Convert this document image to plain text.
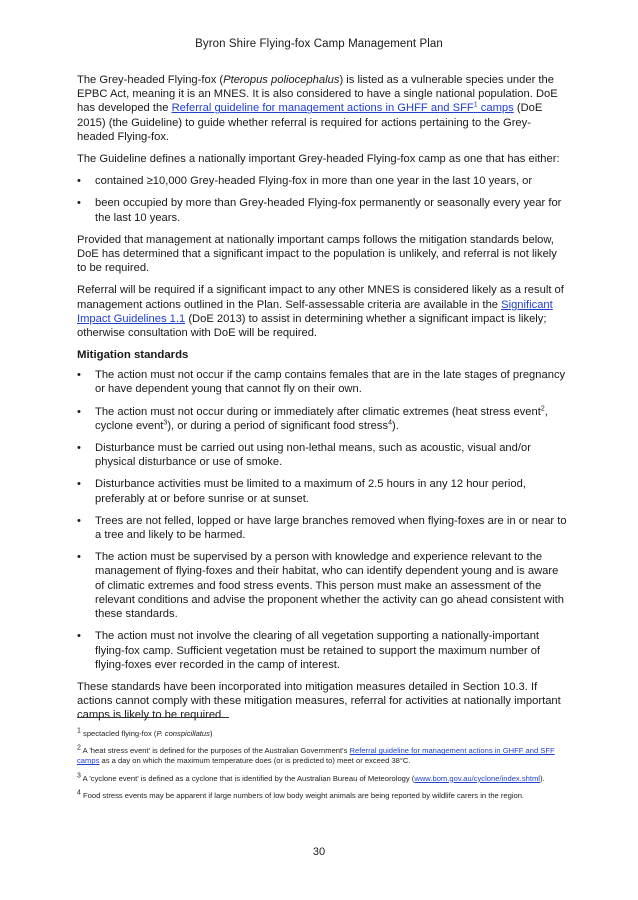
Byron Shire Flying-fox Camp Management Plan

The Grey-headed Flying-fox (Pteropus poliocephalus) is listed as a vulnerable species under the EPBC Act, meaning it is an MNES. It is also considered to have a single national population. DoE has developed the Referral guideline for management actions in GHFF and SFF$^1$ camps (DoE 2015) (the Guideline) to guide whether referral is required for actions pertaining to the Grey-headed Flying-fox.

The Guideline defines a nationally important Grey-headed Flying-fox camp as one that has either:

• contained ≥10,000 Grey-headed Flying-fox in more than one year in the last 10 years, or
• been occupied by more than Grey-headed Flying-fox permanently or seasonally every year for the last 10 years.

Provided that management at nationally important camps follows the mitigation standards below, DoE has determined that a significant impact to the population is unlikely, and referral is not likely to be required.

Referral will be required if a significant impact to any other MNES is considered likely as a result of management actions outlined in the Plan. Self-assessable criteria are available in the Significant Impact Guidelines 1.1 (DoE 2013) to assist in determining whether a significant impact is likely; otherwise consultation with DoE will be required.

Mitigation standards
• The action must not occur if the camp contains females that are in the late stages of pregnancy or have dependent young that cannot fly on their own.
• The action must not occur during or immediately after climatic extremes (heat stress event$^2$, cyclone event$^3$), or during a period of significant food stress$^4$).
• Disturbance must be carried out using non-lethal means, such as acoustic, visual and/or physical disturbance or use of smoke.
• Disturbance activities must be limited to a maximum of 2.5 hours in any 12 hour period, preferably at or before sunrise or at sunset.
• Trees are not felled, lopped or have large branches removed when flying-foxes are in or near to a tree and likely to be harmed.
• The action must be supervised by a person with knowledge and experience relevant to the management of flying-foxes and their habitat, who can identify dependent young and is aware of climatic extremes and food stress events. This person must make an assessment of the relevant conditions and advise the proponent whether the activity can go ahead consistent with these standards.
• The action must not involve the clearing of all vegetation supporting a nationally-important flying-fox camp. Sufficient vegetation must be retained to support the maximum number of flying-foxes ever recorded in the camp of interest.

These standards have been incorporated into mitigation measures detailed in Section 10.3. If actions cannot comply with these mitigation measures, referral for activities at nationally important camps is likely to be required.

$^1$ spectacled flying-fox (P. conspicillatus)
$^2$ A 'heat stress event' is defined for the purposes of the Australian Government's Referral guideline for management actions in GHFF and SFF camps as a day on which the maximum temperature does (or is predicted to) meet or exceed 38°C.
$^3$ A 'cyclone event' is defined as a cyclone that is identified by the Australian Bureau of Meteorology (www.bom.gov.au/cyclone/index.shtml).
$^4$ Food stress events may be apparent if large numbers of low body weight animals are being reported by wildlife carers in the region.
30
